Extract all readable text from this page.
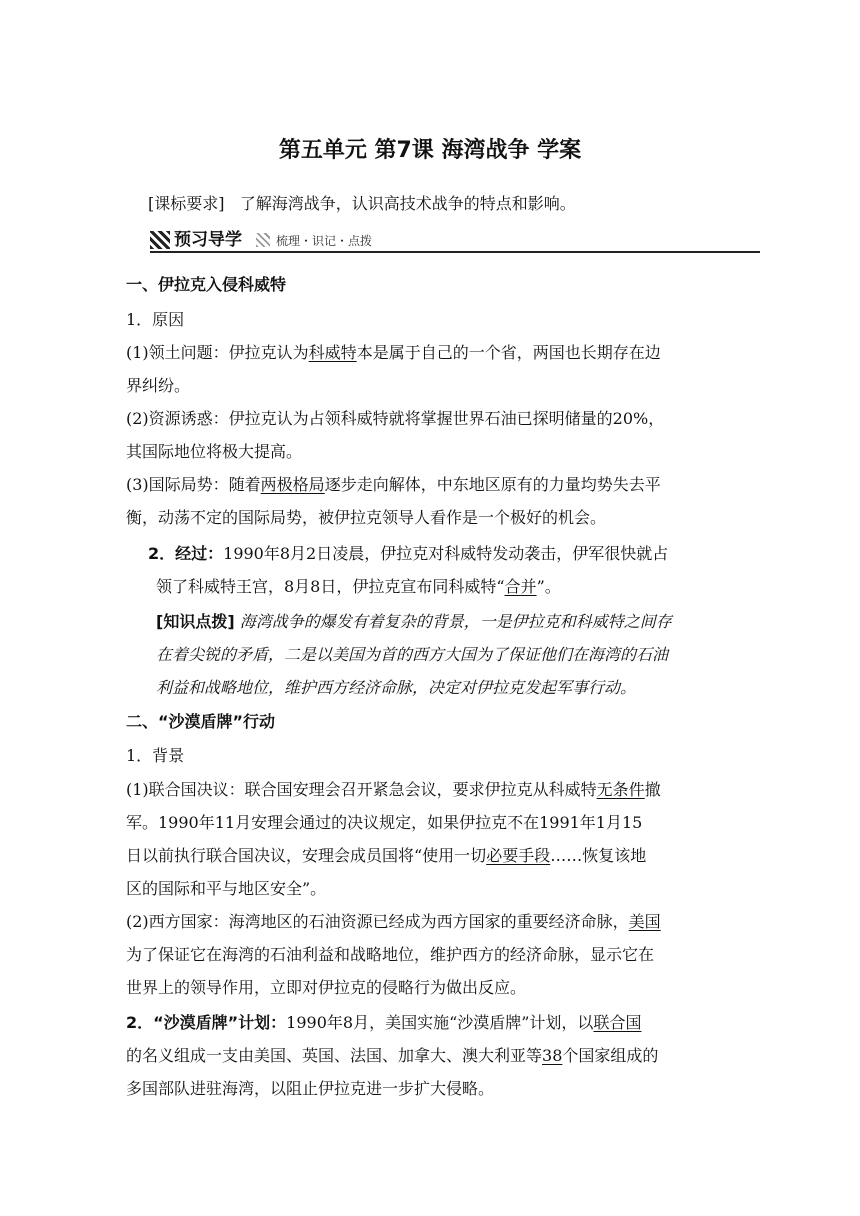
第五单元 第7课 海湾战争 学案
[课标要求] 了解海湾战争，认识高技术战争的特点和影响。
预习导学	梳理・识记・点拨
一、伊拉克入侵科威特
1．原因
(1)领土问题：伊拉克认为科威特本是属于自己的一个省，两国也长期存在边
界纠纷。
(2)资源诱惑：伊拉克认为占领科威特就将掌握世界石油已探明储量的20%，
其国际地位将极大提高。
(3)国际局势：随着两极格局逐步走向解体，中东地区原有的力量均势失去平
衡，动荡不定的国际局势，被伊拉克领导人看作是一个极好的机会。
2．经过：1990年8月2日凌晨，伊拉克对科威特发动袭击，伊军很快就占
领了科威特王宫，8月8日，伊拉克宣布同科威特“合并”。
[知识点拨] 海湾战争的爆发有着复杂的背景，一是伊拉克和科威特之间存
在着尖锐的矛盾，二是以美国为首的西方大国为了保证他们在海湾的石油
利益和战略地位，维护西方经济命脉，决定对伊拉克发起军事行动。
二、“沙漠盾牌”行动
1．背景
(1)联合国决议：联合国安理会召开紧急会议，要求伊拉克从科威特无条件撤
军。1990年11月安理会通过的决议规定，如果伊拉克不在1991年1月15
日以前执行联合国决议，安理会成员国将“使用一切必要手段……恢复该地
区的国际和平与地区安全”。
(2)西方国家：海湾地区的石油资源已经成为西方国家的重要经济命脉，美国
为了保证它在海湾的石油利益和战略地位，维护西方的经济命脉，显示它在
世界上的领导作用，立即对伊拉克的侵略行为做出反应。
2．“沙漠盾牌”计划：1990年8月，美国实施“沙漠盾牌”计划，以联合国
的名义组成一支由美国、英国、法国、加拿大、澳大利亚等38个国家组成的
多国部队进驻海湾，以阻止伊拉克进一步扩大侵略。
